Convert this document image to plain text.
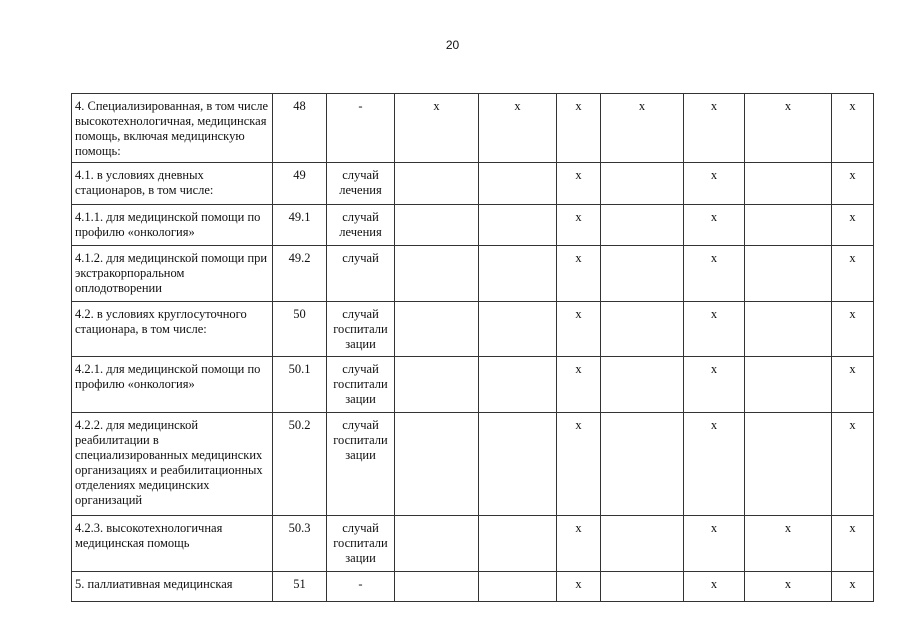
20
4. Специализированная, в том числе высокотехнологичная, медицинская помощь, включая медицинскую помощь:	48	-	х	х	х	х	х	х	х
4.1. в условиях дневных стационаров, в том числе:	49	случай лечения			х		х		х
4.1.1. для медицинской помощи по профилю «онкология»	49.1	случай лечения			х		х		х
4.1.2. для медицинской помощи при экстракорпоральном оплодотворении	49.2	случай			х		х		х
4.2. в условиях круглосуточного стационара, в том числе:	50	случай госпитали зации			х		х		х
4.2.1. для медицинской помощи по профилю «онкология»	50.1	случай госпитали зации			х		х		х
4.2.2. для медицинской реабилитации в специализированных медицинских организациях и реабилитационных отделениях медицинских организаций	50.2	случай госпитали зации			х		х		х
4.2.3. высокотехнологичная медицинская помощь	50.3	случай госпитали зации			х		х	х	х
5. паллиативная медицинская	51	-			х		х	х	х
